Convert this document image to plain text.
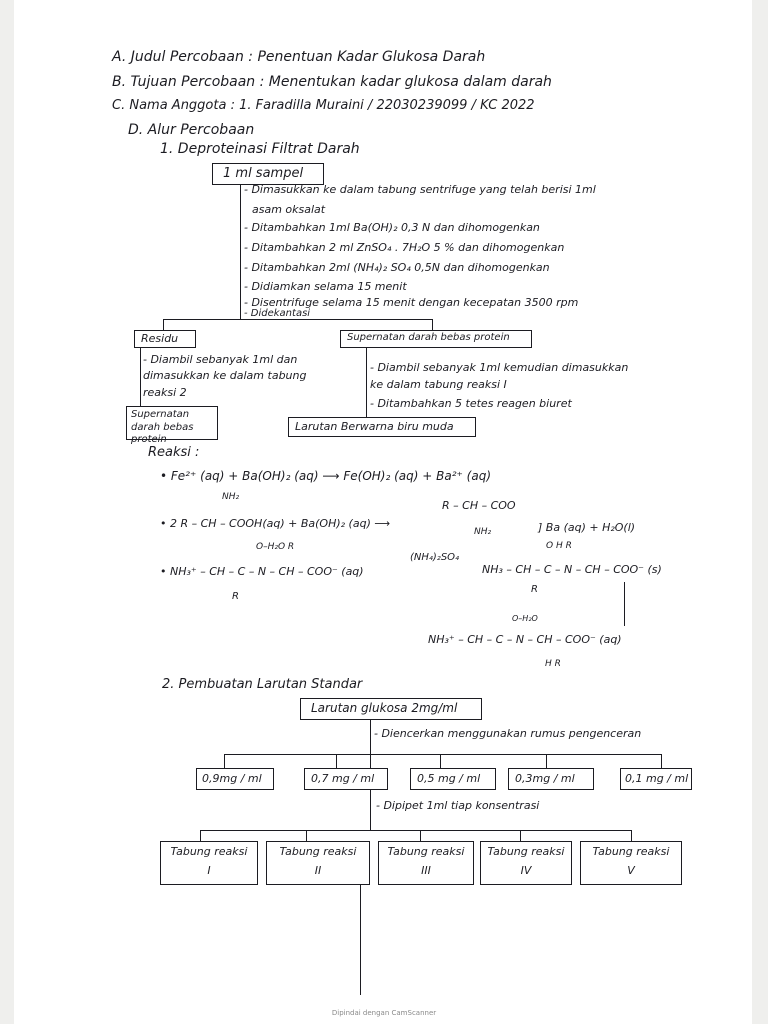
A. Judul Percobaan : Penentuan Kadar Glukosa Darah
B. Tujuan Percobaan : Menentukan kadar glukosa dalam darah
C. Nama Anggota : 1. Faradilla Muraini / 22030239099 / KC 2022
D. Alur Percobaan
1. Deproteinasi Filtrat Darah
1 ml sampel
- Dimasukkan ke dalam tabung sentrifuge yang telah berisi 1ml
asam oksalat
- Ditambahkan 1ml Ba(OH)₂ 0,3 N dan dihomogenkan
- Ditambahkan 2 ml ZnSO₄ . 7H₂O 5 % dan dihomogenkan
- Ditambahkan 2ml (NH₄)₂ SO₄ 0,5N dan dihomogenkan
- Didiamkan selama 15 menit
- Disentrifuge selama 15 menit dengan kecepatan 3500 rpm
- Didekantasi
Residu	Supernatan darah bebas protein
- Diambil sebanyak 1ml dan
dimasukkan ke dalam tabung
reaksi 2
- Diambil sebanyak 1ml kemudian dimasukkan
ke dalam tabung reaksi I
- Ditambahkan 5 tetes reagen biuret
Supernatan darah bebas protein
Larutan Berwarna biru muda
Reaksi :
• Fe²⁺ (aq) + Ba(OH)₂ (aq) ⟶ Fe(OH)₂ (aq) + Ba²⁺ (aq)
NH₂
• 2 R – CH – COOH(aq) + Ba(OH)₂ (aq) ⟶
R – CH – COO
NH₂	] Ba (aq) + H₂O(l)
O–H₂O R
• NH₃⁺ – CH – C – N – CH – COO⁻ (aq)
R
(NH₄)₂SO₄
O H R
NH₃ – CH – C – N – CH – COO⁻ (s)
R
O–H₂O
NH₃⁺ – CH – C – N – CH – COO⁻ (aq)
H R
2. Pembuatan Larutan Standar
Larutan glukosa 2mg/ml
- Diencerkan menggunakan rumus pengenceran
0,9mg / ml	0,7 mg / ml	0,5 mg / ml	0,3mg / ml	0,1 mg / ml
- Dipipet 1ml tiap konsentrasi
Tabung reaksi
I
Tabung reaksi
II
Tabung reaksi
III
Tabung reaksi
IV
Tabung reaksi
V
Dipindai dengan CamScanner
